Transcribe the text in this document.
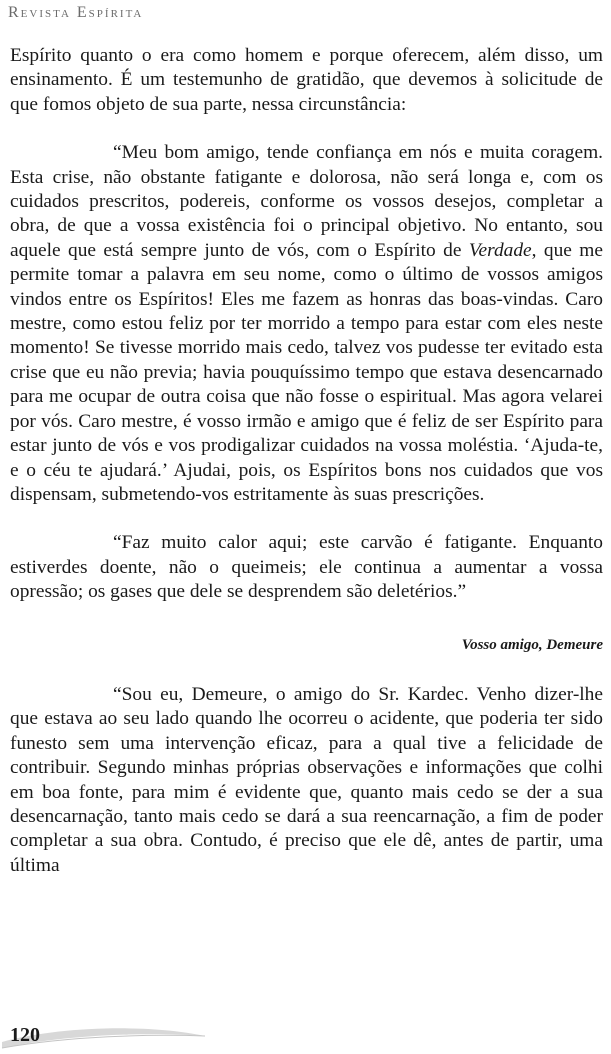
Revista Espírita

Espírito quanto o era como homem e porque oferecem, além disso, um ensinamento. É um testemunho de gratidão, que devemos à solicitude de que fomos objeto de sua parte, nessa circunstância:

“Meu bom amigo, tende confiança em nós e muita coragem. Esta crise, não obstante fatigante e dolorosa, não será longa e, com os cuidados prescritos, podereis, conforme os vossos desejos, completar a obra, de que a vossa existência foi o principal objetivo. No entanto, sou aquele que está sempre junto de vós, com o Espírito de Verdade, que me permite tomar a palavra em seu nome, como o último de vossos amigos vindos entre os Espíritos! Eles me fazem as honras das boas-vindas. Caro mestre, como estou feliz por ter morrido a tempo para estar com eles neste momento! Se tivesse morrido mais cedo, talvez vos pudesse ter evitado esta crise que eu não previa; havia pouquíssimo tempo que estava desencarnado para me ocupar de outra coisa que não fosse o espiritual. Mas agora velarei por vós. Caro mestre, é vosso irmão e amigo que é feliz de ser Espírito para estar junto de vós e vos prodigalizar cuidados na vossa moléstia. ‘Ajuda-te, e o céu te ajudará.’ Ajudai, pois, os Espíritos bons nos cuidados que vos dispensam, submetendo-vos estritamente às suas prescrições.

“Faz muito calor aqui; este carvão é fatigante. Enquanto estiverdes doente, não o queimeis; ele continua a aumentar a vossa opressão; os gases que dele se desprendem são deletérios.”

Vosso amigo, Demeure

“Sou eu, Demeure, o amigo do Sr. Kardec. Venho dizer-lhe que estava ao seu lado quando lhe ocorreu o acidente, que poderia ter sido funesto sem uma intervenção eficaz, para a qual tive a felicidade de contribuir. Segundo minhas próprias observações e informações que colhi em boa fonte, para mim é evidente que, quanto mais cedo se der a sua desencarnação, tanto mais cedo se dará a sua reencarnação, a fim de poder completar a sua obra. Contudo, é preciso que ele dê, antes de partir, uma última

120
